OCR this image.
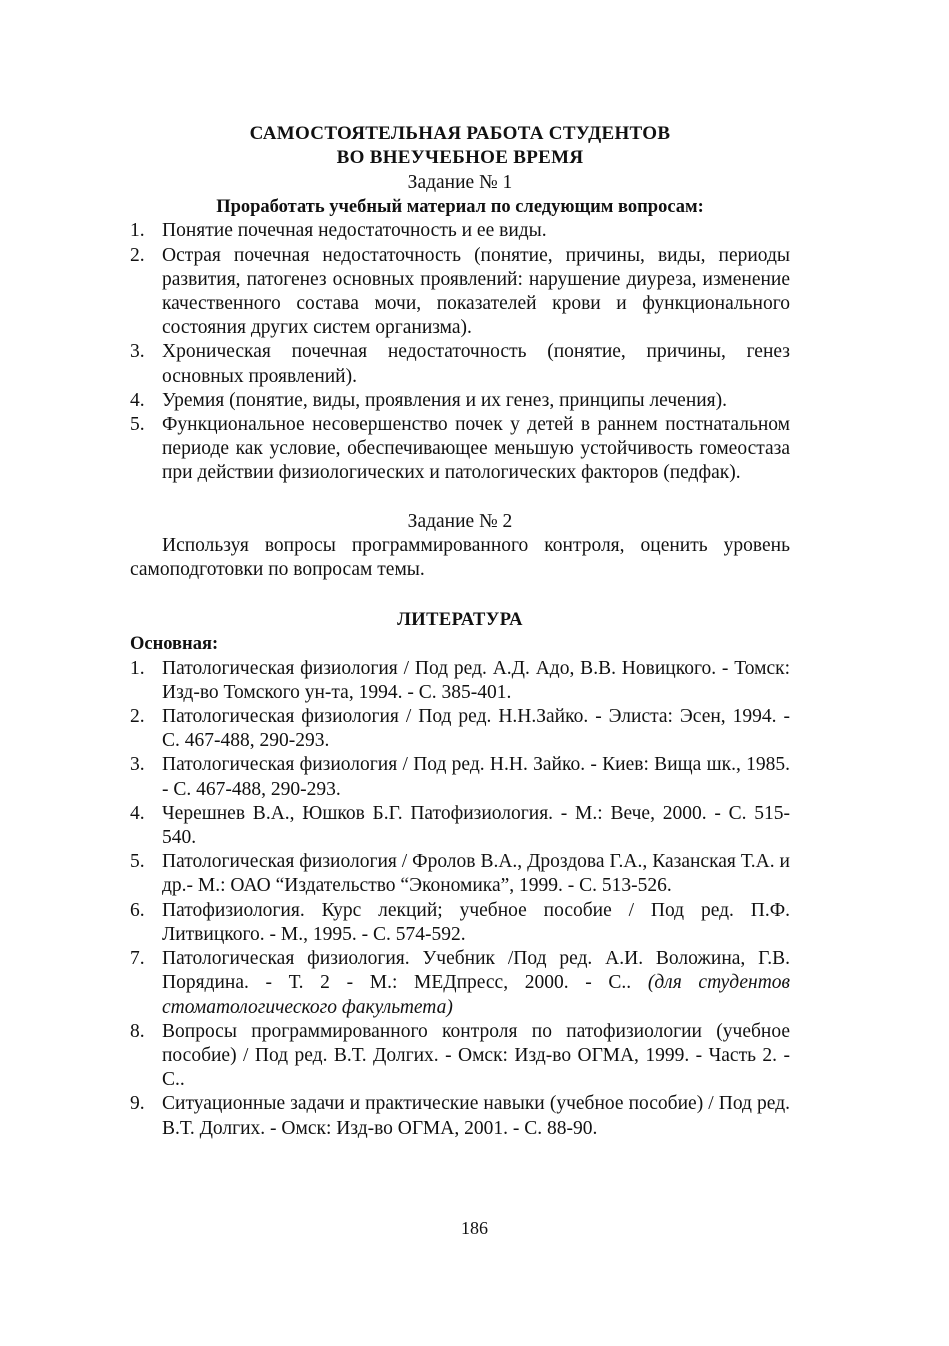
САМОСТОЯТЕЛЬНАЯ РАБОТА СТУДЕНТОВ
ВО ВНЕУЧЕБНОЕ ВРЕМЯ
Задание № 1
Проработать учебный материал по следующим вопросам:
1. Понятие почечная недостаточность и ее виды.
2. Острая почечная недостаточность (понятие, причины, виды, периоды развития, патогенез основных проявлений: нарушение диуреза, изменение качественного состава мочи, показателей крови и функционального состояния других систем организма).
3. Хроническая почечная недостаточность (понятие, причины, генез основных проявлений).
4. Уремия (понятие, виды, проявления и их генез, принципы лечения).
5. Функциональное несовершенство почек у детей в раннем постнатальном периоде как условие, обеспечивающее меньшую устойчивость гомеостаза при действии физиологических и патологических факторов (педфак).
Задание № 2
Используя вопросы программированного контроля, оценить уровень самоподготовки по вопросам темы.
ЛИТЕРАТУРА
Основная:
1. Патологическая физиология / Под ред. А.Д. Адо, В.В. Новицкого. - Томск: Изд-во Томского ун-та, 1994. - С. 385-401.
2. Патологическая физиология / Под ред. Н.Н.Зайко. - Элиста: Эсен, 1994. - С. 467-488, 290-293.
3. Патологическая физиология / Под ред. Н.Н. Зайко. - Киев: Вища шк., 1985. - С. 467-488, 290-293.
4. Черешнев В.А., Юшков Б.Г. Патофизиология. - М.: Вече, 2000. - С. 515-540.
5. Патологическая физиология / Фролов В.А., Дроздова Г.А., Казанская Т.А. и др.- М.: ОАО “Издательство “Экономика”, 1999. - С. 513-526.
6. Патофизиология. Курс лекций; учебное пособие / Под ред. П.Ф. Литвицкого. - М., 1995. - С. 574-592.
7. Патологическая физиология. Учебник /Под ред. А.И. Воложина, Г.В. Порядина. - Т. 2 - М.: МЕДпресс, 2000. - С.. (для студентов стоматологического факультета)
8. Вопросы программированного контроля по патофизиологии (учебное пособие) / Под ред. В.Т. Долгих. - Омск: Изд-во ОГМА, 1999. - Часть 2. - С..
9. Ситуационные задачи и практические навыки (учебное пособие) / Под ред. В.Т. Долгих. - Омск: Изд-во ОГМА, 2001. - С. 88-90.
186
